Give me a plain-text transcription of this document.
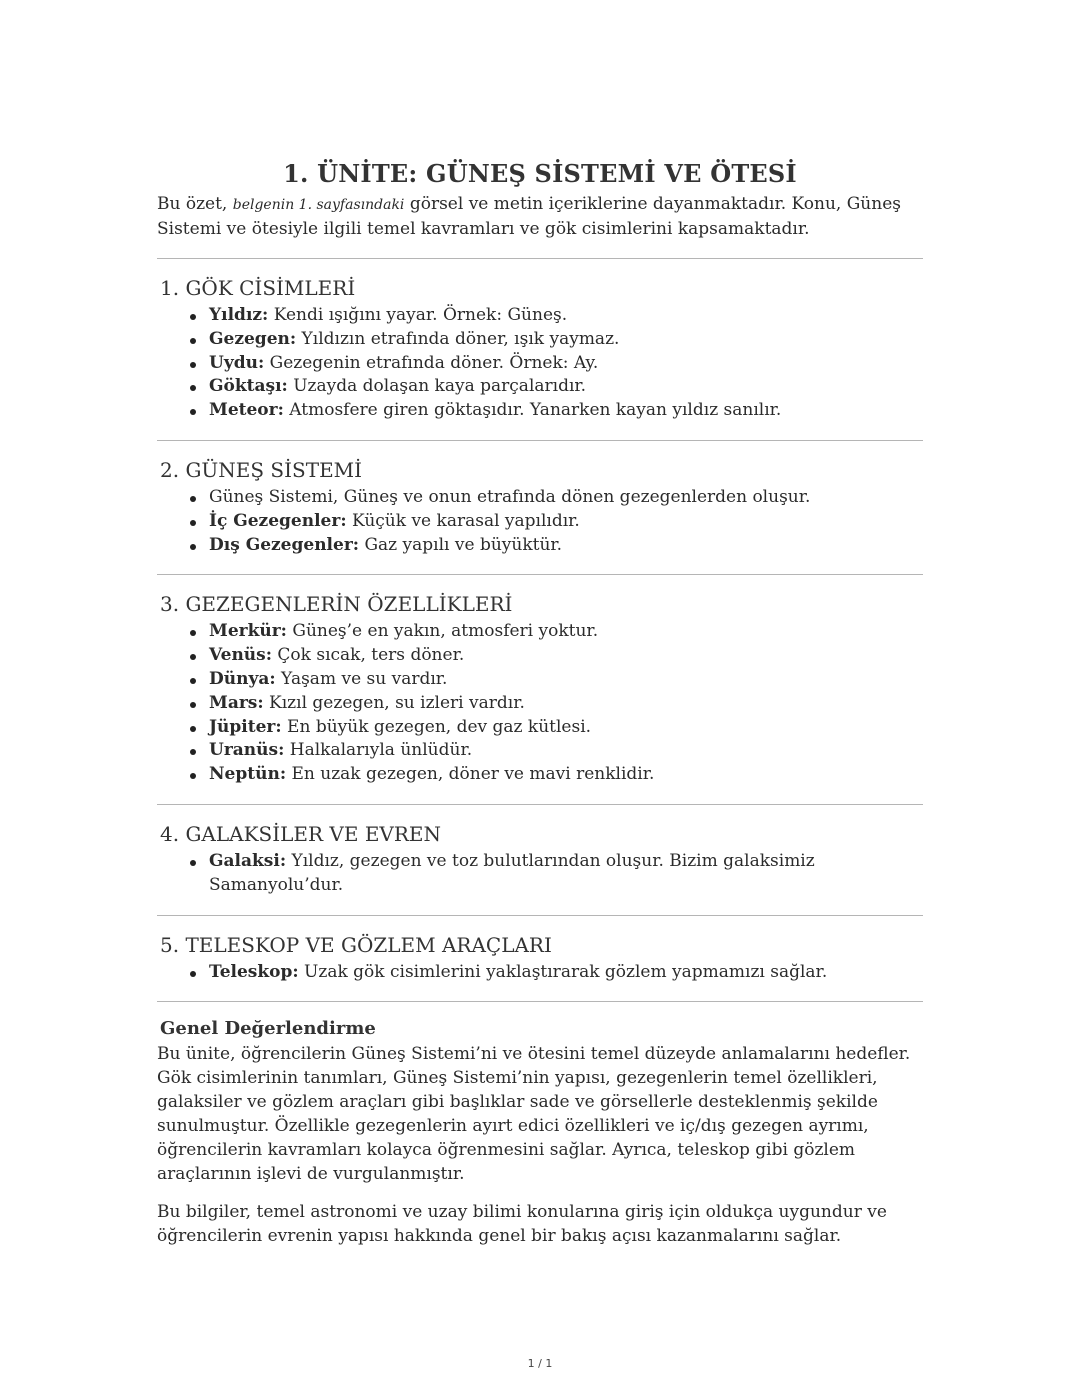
1. ÜNİTE: GÜNEŞ SİSTEMİ VE ÖTESİ

Bu özet, belgenin 1. sayfasındaki görsel ve metin içeriklerine dayanmaktadır. Konu, Güneş Sistemi ve ötesiyle ilgili temel kavramları ve gök cisimlerini kapsamaktadır.

1. GÖK CİSİMLERİ
Yıldız: Kendi ışığını yayar. Örnek: Güneş.
Gezegen: Yıldızın etrafında döner, ışık yaymaz.
Uydu: Gezegenin etrafında döner. Örnek: Ay.
Göktaşı: Uzayda dolaşan kaya parçalarıdır.
Meteor: Atmosfere giren göktaşıdır. Yanarken kayan yıldız sanılır.
2. GÜNEŞ SİSTEMİ
Güneş Sistemi, Güneş ve onun etrafında dönen gezegenlerden oluşur.
İç Gezegenler: Küçük ve karasal yapılıdır.
Dış Gezegenler: Gaz yapılı ve büyüktür.
3. GEZEGENLERİN ÖZELLİKLERİ
Merkür: Güneş’e en yakın, atmosferi yoktur.
Venüs: Çok sıcak, ters döner.
Dünya: Yaşam ve su vardır.
Mars: Kızıl gezegen, su izleri vardır.
Jüpiter: En büyük gezegen, dev gaz kütlesi.
Uranüs: Halkalarıyla ünlüdür.
Neptün: En uzak gezegen, döner ve mavi renklidir.
4. GALAKSİLER VE EVREN
Galaksi: Yıldız, gezegen ve toz bulutlarından oluşur. Bizim galaksimiz Samanyolu’dur.
5. TELESKOP VE GÖZLEM ARAÇLARI
Teleskop: Uzak gök cisimlerini yaklaştırarak gözlem yapmamızı sağlar.
Genel Değerlendirme

Bu ünite, öğrencilerin Güneş Sistemi’ni ve ötesini temel düzeyde anlamalarını hedefler. Gök cisimlerinin tanımları, Güneş Sistemi’nin yapısı, gezegenlerin temel özellikleri, galaksiler ve gözlem araçları gibi başlıklar sade ve görsellerle desteklenmiş şekilde sunulmuştur. Özellikle gezegenlerin ayırt edici özellikleri ve iç/dış gezegen ayrımı, öğrencilerin kavramları kolayca öğrenmesini sağlar. Ayrıca, teleskop gibi gözlem araçlarının işlevi de vurgulanmıştır.

Bu bilgiler, temel astronomi ve uzay bilimi konularına giriş için oldukça uygundur ve öğrencilerin evrenin yapısı hakkında genel bir bakış açısı kazanmalarını sağlar.

1 / 1
